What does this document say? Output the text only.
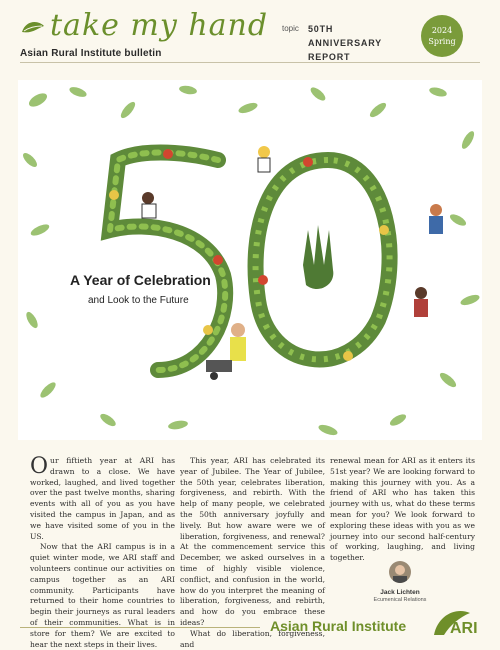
take my hand
Asian Rural Institute bulletin
topic 50TH ANNIVERSARY
REPORT
2024
Spring
A Year of Celebration
and Look to the Future

Our fiftieth year at ARI has drawn to a close. We have worked, laughed, and lived together over the past twelve months, sharing events with all of you as you have visited the campus in Japan, and as we have visited some of you in the US.

Now that the ARI campus is in a quiet winter mode, we ARI staff and volunteers continue our activities on campus together as an ARI community. Participants have returned to their home countries to begin their journeys as rural leaders of their communities. What is in store for them? We are excited to hear the next steps in their lives.

This year, ARI has celebrated its year of Jubilee. The Year of Jubilee, the 50th year, celebrates liberation, forgiveness, and rebirth. With the help of many people, we celebrated the 50th anniversary joyfully and lively. But how aware were we of liberation, forgiveness, and renewal? At the commencement service this December, we asked ourselves in a time of highly visible violence, conflict, and confusion in the world, how do you interpret the meaning of liberation, forgiveness, and rebirth, and how do you embrace these ideas?

What do liberation, forgiveness, and

renewal mean for ARI as it enters its 51st year? We are looking forward to making this journey with you. As a friend of ARI who has taken this journey with us, what do these terms mean for you? We look forward to exploring these ideas with you as we journey into our second half-century of working, laughing, and living together.

Jack Lichten
Ecumenical Relations
Asian Rural Institute	ARI
